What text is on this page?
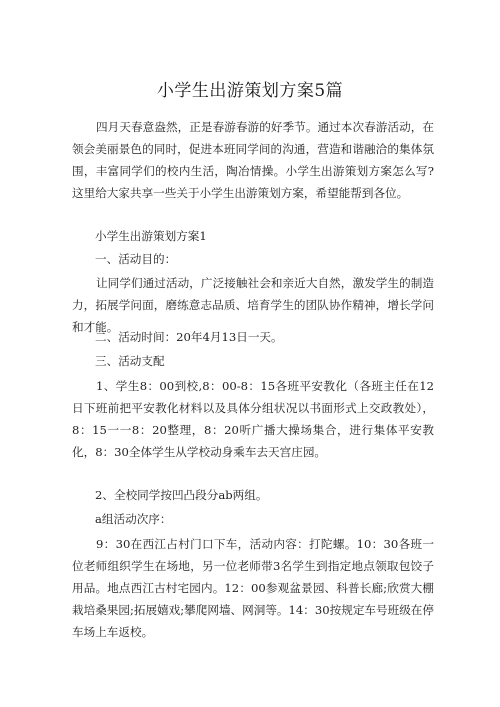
小学生出游策划方案5篇

四月天春意盎然，正是春游春游的好季节。通过本次春游活动，在领会美丽景色的同时，促进本班同学间的沟通，营造和谐融洽的集体氛围，丰富同学们的校内生活，陶冶情操。小学生出游策划方案怎么写?这里给大家共享一些关于小学生出游策划方案，希望能帮到各位。

小学生出游策划方案1

一、活动目的：

让同学们通过活动，广泛接触社会和亲近大自然，激发学生的制造力，拓展学问面，磨练意志品质、培育学生的团队协作精神，增长学问和才能。

二、活动时间：20年4月13日一天。

三、活动支配

1、学生8：00到校,8：00-8：15各班平安教化（各班主任在12日下班前把平安教化材料以及具体分组状况以书面形式上交政教处），8：15一一8：20整理，8：20听广播大操场集合，进行集体平安教化，8：30全体学生从学校动身乘车去天宫庄园。

2、全校同学按凹凸段分ab两组。

a组活动次序：

9：30在西江占村门口下车，活动内容：打陀螺。10：30各班一位老师组织学生在场地，另一位老师带3名学生到指定地点领取包饺子用品。地点西江古村宅园内。12：00参观盆景园、科普长廊;欣赏大棚栽培桑果园;拓展嬉戏;攀爬网墙、网洞等。14：30按规定车号班级在停车场上车返校。
